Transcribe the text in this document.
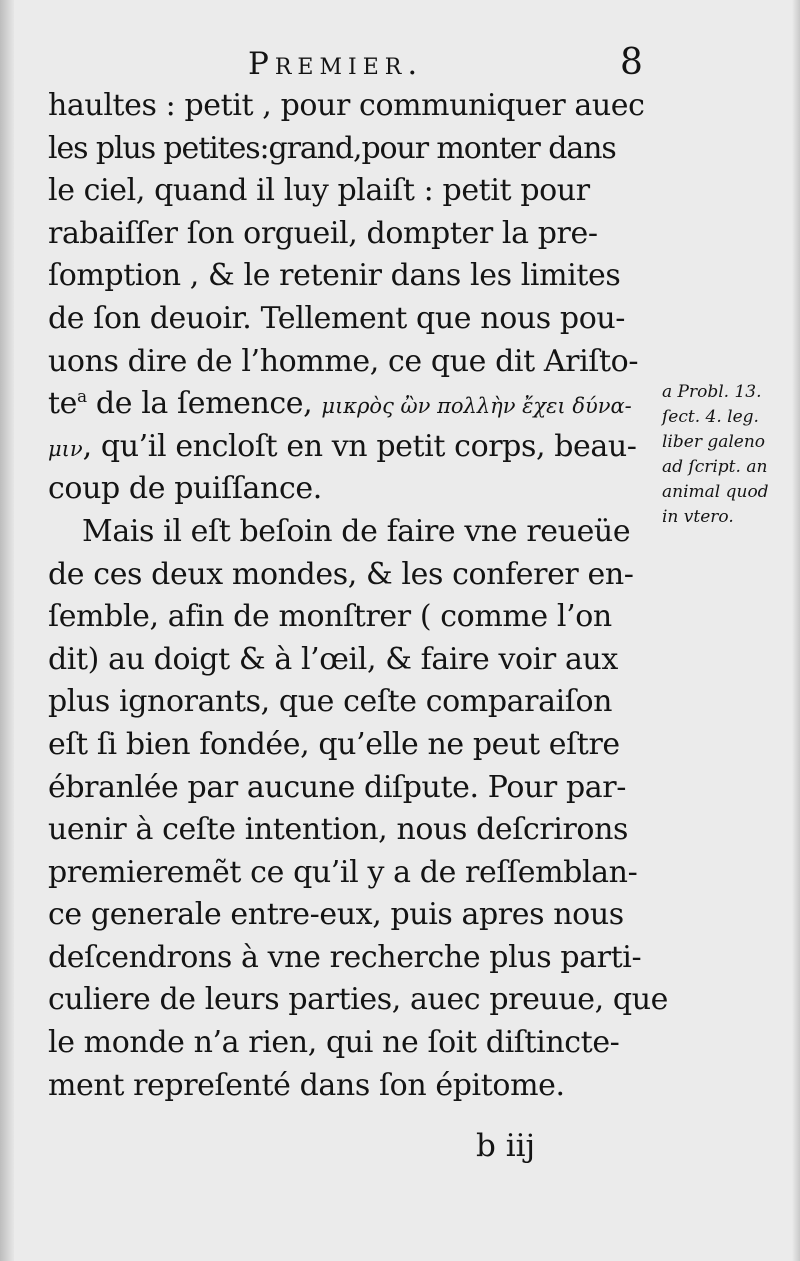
Premier.	8
haultes : petit , pour communiquer auec
les plus petites:grand,pour monter dans
le ciel, quand il luy plaiſt : petit pour
rabaiſſer ſon orgueil, dompter la pre-
ſomption , & le retenir dans les limites
de ſon deuoir. Tellement que nous pou-
uons dire de l’homme, ce que dit Ariſto-
te$^a$ de la ſemence, μικρὸς ὢν πολλὴν ἔχει δύνα-
μιν, qu’il encloſt en vn petit corps, beau-
coup de puiſſance.
Mais il eſt beſoin de faire vne reueüe
de ces deux mondes, & les conferer en-
ſemble, afin de monſtrer ( comme l’on
dit) au doigt & à l’œil, & faire voir aux
plus ignorants, que ceſte comparaiſon
eſt ſi bien fondée, qu’elle ne peut eſtre
ébranlée par aucune diſpute. Pour par-
uenir à ceſte intention, nous deſcrirons
premieremẽt ce qu’il y a de reſſemblan-
ce generale entre-eux, puis apres nous
deſcendrons à vne recherche plus parti-
culiere de leurs parties, auec preuue, que
le monde n’a rien, qui ne ſoit diſtincte-
ment repreſenté dans ſon épitome.
a Probl. 13.
ſect. 4. leg.
liber galeno
ad ſcript. an
animal quod
in vtero.
b iij
